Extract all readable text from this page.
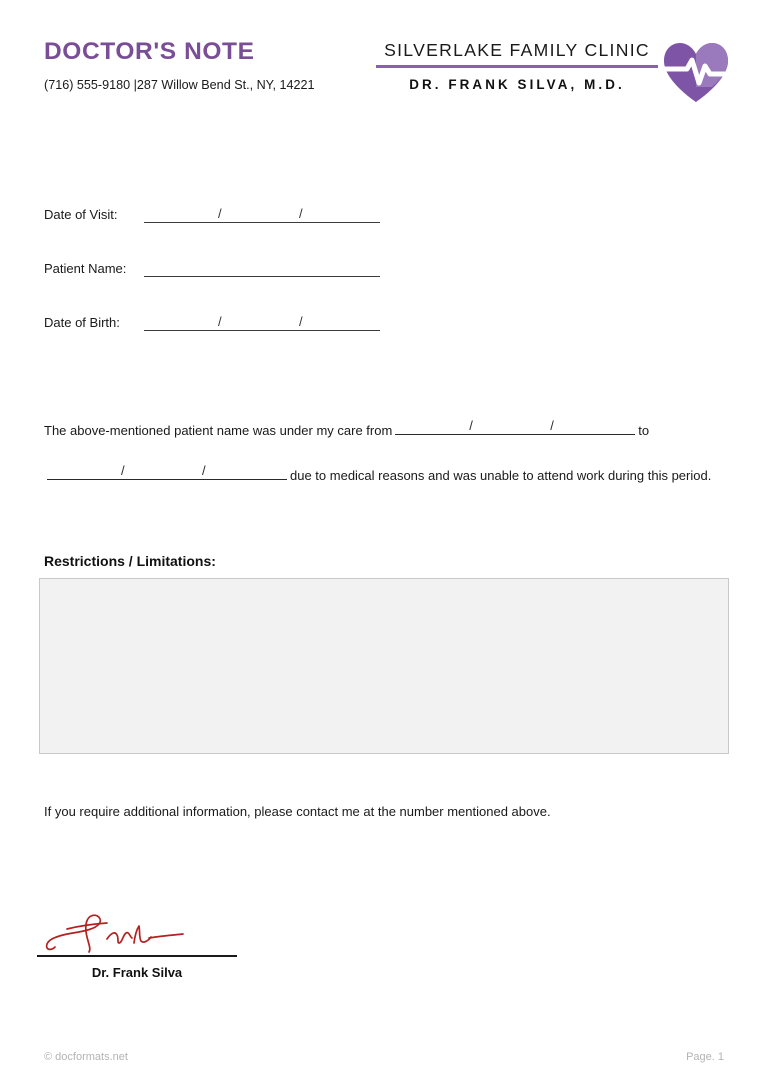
DOCTOR'S NOTE
(716) 555-9180 |287 Willow Bend St., NY, 14221
SILVERLAKE FAMILY CLINIC
DR. FRANK SILVA, M.D.
Date of Visit:	/	/
Patient Name:
Date of Birth:	/	/
The above-mentioned patient name was under my care from	/	/	to
/	/	due to medical reasons and was unable to attend work during this period.
Restrictions / Limitations:
If you require additional information, please contact me at the number mentioned above.
Dr. Frank Silva
© docformats.net	Page. 1
